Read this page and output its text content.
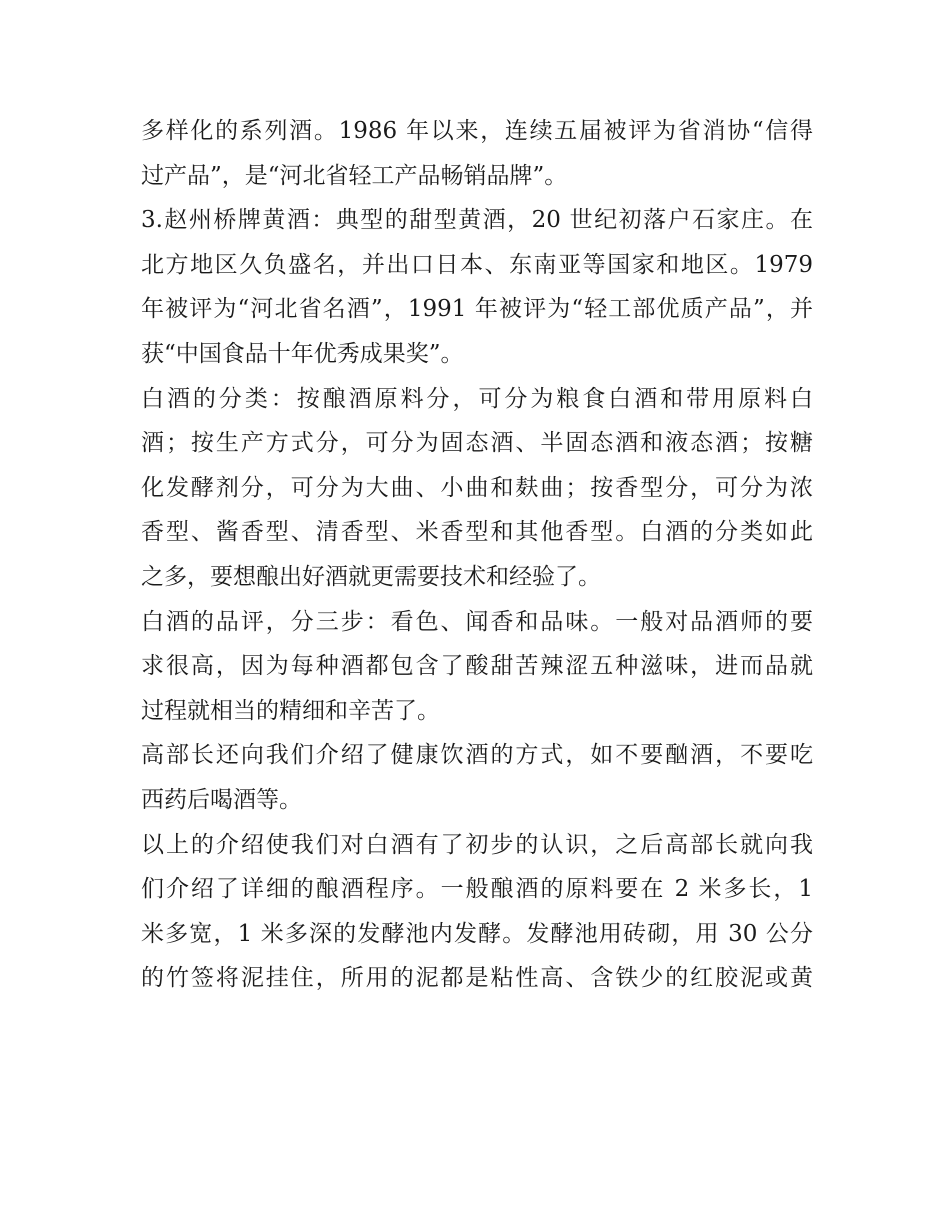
多样化的系列酒。1986 年以来，连续五届被评为省消协“信得
过产品”，是“河北省轻工产品畅销品牌”。
3.赵州桥牌黄酒：典型的甜型黄酒，20 世纪初落户石家庄。在
北方地区久负盛名，并出口日本、东南亚等国家和地区。1979
年被评为“河北省名酒”，1991 年被评为“轻工部优质产品”，并
获“中国食品十年优秀成果奖”。
白酒的分类：按酿酒原料分，可分为粮食白酒和带用原料白
酒；按生产方式分，可分为固态酒、半固态酒和液态酒；按糖
化发酵剂分，可分为大曲、小曲和麸曲；按香型分，可分为浓
香型、酱香型、清香型、米香型和其他香型。白酒的分类如此
之多，要想酿出好酒就更需要技术和经验了。
白酒的品评，分三步：看色、闻香和品味。一般对品酒师的要
求很高，因为每种酒都包含了酸甜苦辣涩五种滋味，进而品就
过程就相当的精细和辛苦了。
高部长还向我们介绍了健康饮酒的方式，如不要酗酒，不要吃
西药后喝酒等。
以上的介绍使我们对白酒有了初步的认识，之后高部长就向我
们介绍了详细的酿酒程序。一般酿酒的原料要在 2 米多长，1
米多宽，1 米多深的发酵池内发酵。发酵池用砖砌，用 30 公分
的竹签将泥挂住，所用的泥都是粘性高、含铁少的红胶泥或黄
